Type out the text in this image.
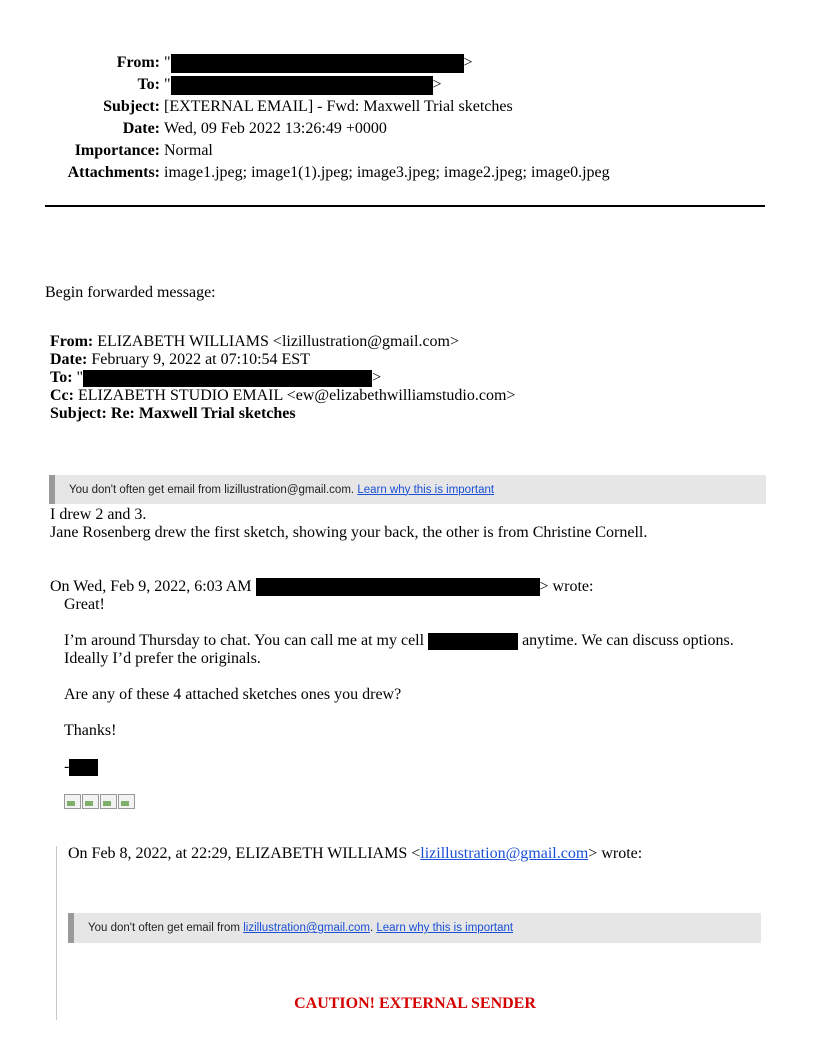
From: "	>
To: "	>
Subject: [EXTERNAL EMAIL] - Fwd: Maxwell Trial sketches
Date: Wed, 09 Feb 2022 13:26:49 +0000
Importance: Normal
Attachments: image1.jpeg; image1(1).jpeg; image3.jpeg; image2.jpeg; image0.jpeg
Begin forwarded message:
From: ELIZABETH WILLIAMS <lizillustration@gmail.com>
Date: February 9, 2022 at 07:10:54 EST
To: "	>
Cc: ELIZABETH STUDIO EMAIL <ew@elizabethwilliamstudio.com>
Subject: Re: Maxwell Trial sketches
You don't often get email from lizillustration@gmail.com. Learn why this is important
I drew 2 and 3.
Jane Rosenberg drew the first sketch, showing your back, the other is from Christine Cornell.
On Wed, Feb 9, 2022, 6:03 AM	> wrote:
Great!
I’m around Thursday to chat. You can call me at my cell	anytime. We can discuss options.
Ideally I’d prefer the originals.
Are any of these 4 attached sketches ones you drew?
Thanks!
-
On Feb 8, 2022, at 22:29, ELIZABETH WILLIAMS <lizillustration@gmail.com> wrote:
You don't often get email from lizillustration@gmail.com. Learn why this is important
CAUTION! EXTERNAL SENDER
